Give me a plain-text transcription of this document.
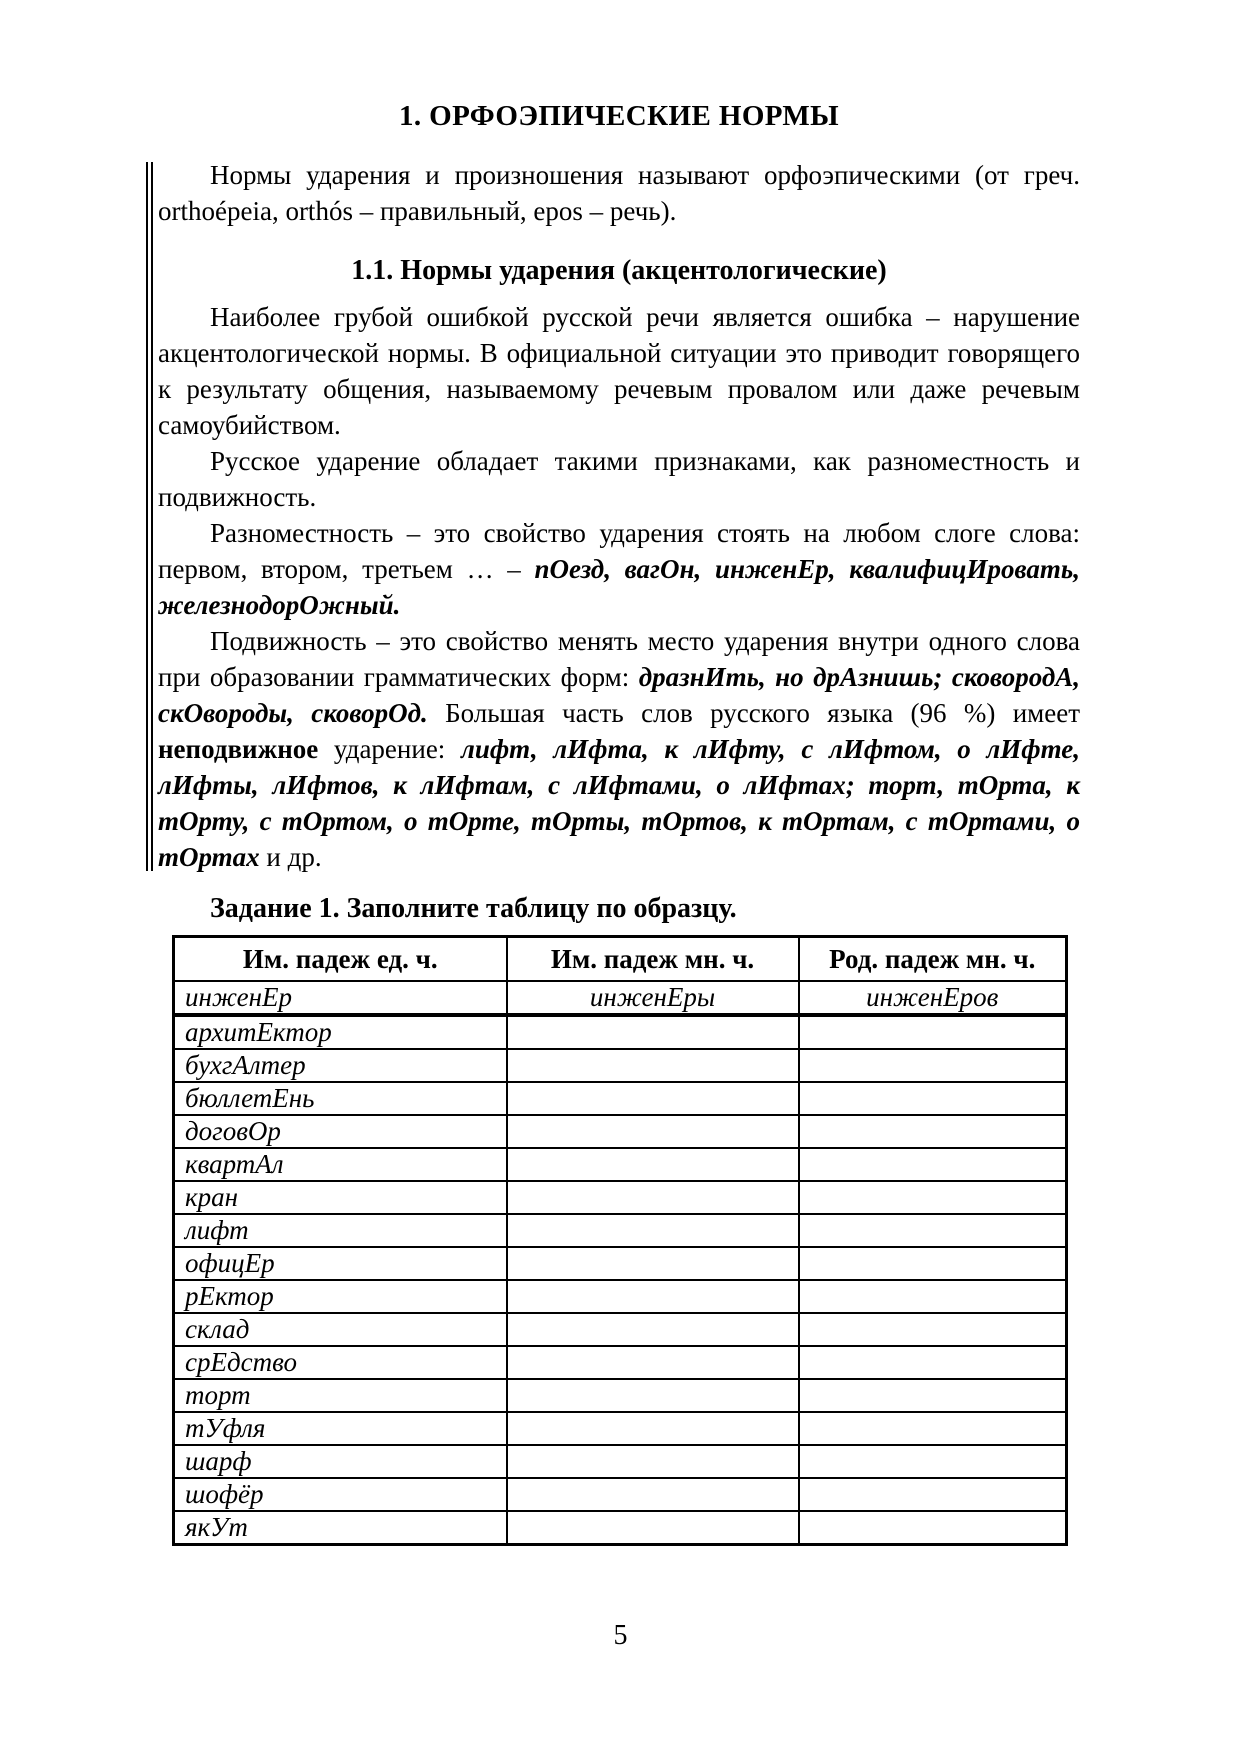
1. ОРФОЭПИЧЕСКИЕ НОРМЫ

Нормы ударения и произношения называют орфоэпическими (от греч. orthoépeia, orthós – правильный, epos – речь).

1.1. Нормы ударения (акцентологические)

Наиболее грубой ошибкой русской речи является ошибка – нарушение акцентологической нормы. В официальной ситуации это приводит говорящего к результату общения, называемому речевым провалом или даже речевым самоубийством.

Русское ударение обладает такими признаками, как разноместность и подвижность.

Разноместность – это свойство ударения стоять на любом слоге слова: первом, втором, третьем … – пОезд, вагОн, инженЕр, квалифицИровать, железнодорОжный.

Подвижность – это свойство менять место ударения внутри одного слова при образовании грамматических форм: дразнИть, но дрАзнишь; сковородА, скОвороды, сковорОд. Большая часть слов русского языка (96 %) имеет неподвижное ударение: лифт, лИфта, к лИфту, с лИфтом, о лИфте, лИфты, лИфтов, к лИфтам, с лИфтами, о лИфтах; торт, тОрта, к тОрту, с тОртом, о тОрте, тОрты, тОртов, к тОртам, с тОртами, о тОртах и др.

Задание 1. Заполните таблицу по образцу.

Им. падеж ед. ч.	Им. падеж мн. ч.	Род. падеж мн. ч.
инженЕр	инженЕры	инженЕров
архитЕктор		
бухгАлтер		
бюллетЕнь		
договОр		
квартАл		
кран		
лифт		
офицЕр		
рЕктор		
склад		
срЕдство		
торт		
тУфля		
шарф		
шофёр		
якУт		
5
